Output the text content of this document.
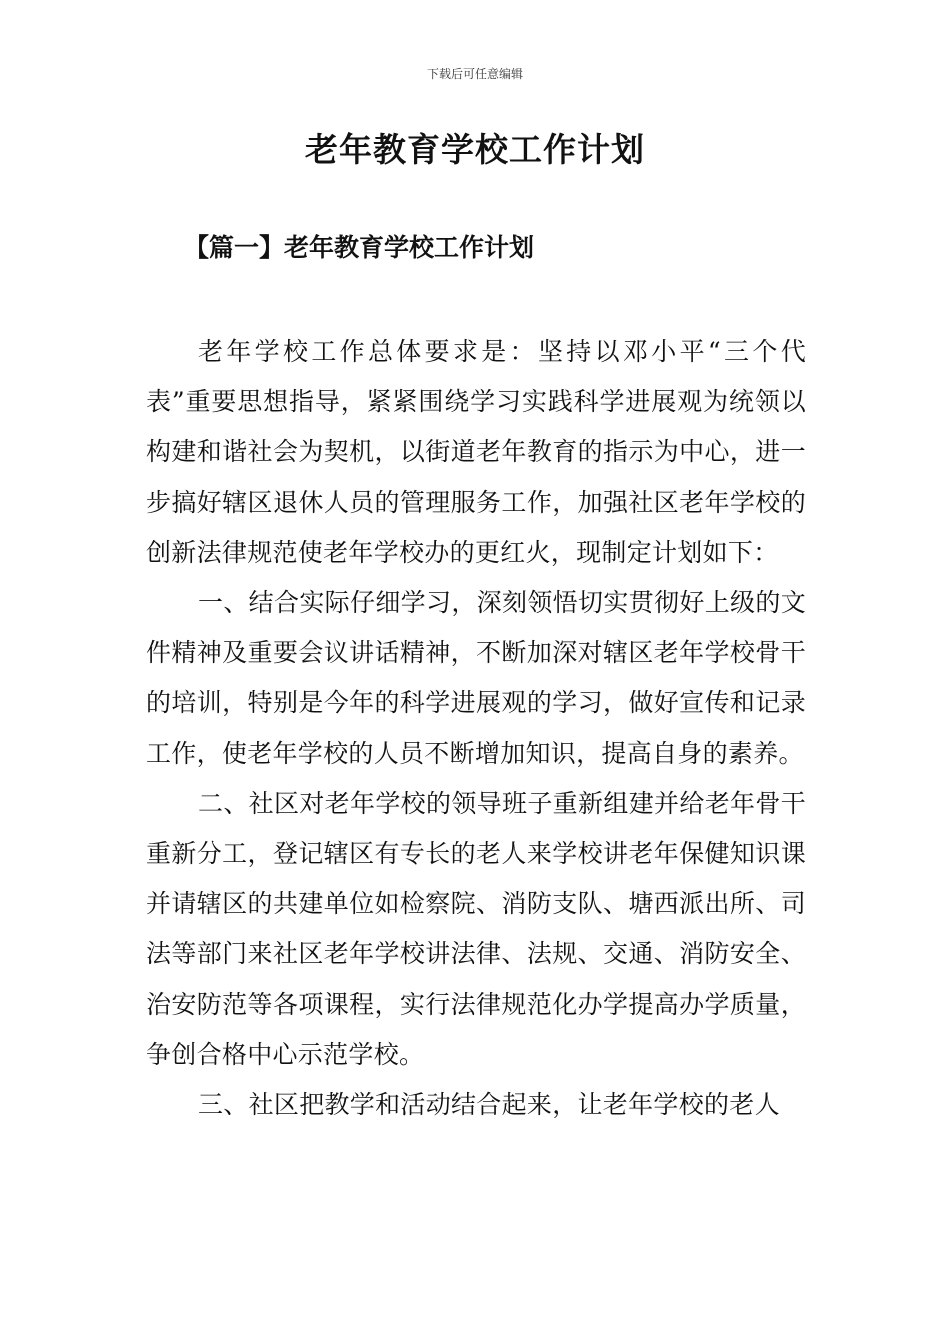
下载后可任意编辑
老年教育学校工作计划
【篇一】老年教育学校工作计划

老年学校工作总体要求是：坚持以邓小平“三个代表”重要思想指导，紧紧围绕学习实践科学进展观为统领以构建和谐社会为契机，以街道老年教育的指示为中心，进一步搞好辖区退休人员的管理服务工作，加强社区老年学校的创新法律规范使老年学校办的更红火，现制定计划如下：

一、结合实际仔细学习，深刻领悟切实贯彻好上级的文件精神及重要会议讲话精神，不断加深对辖区老年学校骨干的培训，特别是今年的科学进展观的学习，做好宣传和记录工作，使老年学校的人员不断增加知识，提高自身的素养。

二、社区对老年学校的领导班子重新组建并给老年骨干重新分工，登记辖区有专长的老人来学校讲老年保健知识课并请辖区的共建单位如检察院、消防支队、塘西派出所、司法等部门来社区老年学校讲法律、法规、交通、消防安全、治安防范等各项课程，实行法律规范化办学提高办学质量，争创合格中心示范学校。

三、社区把教学和活动结合起来，让老年学校的老人
